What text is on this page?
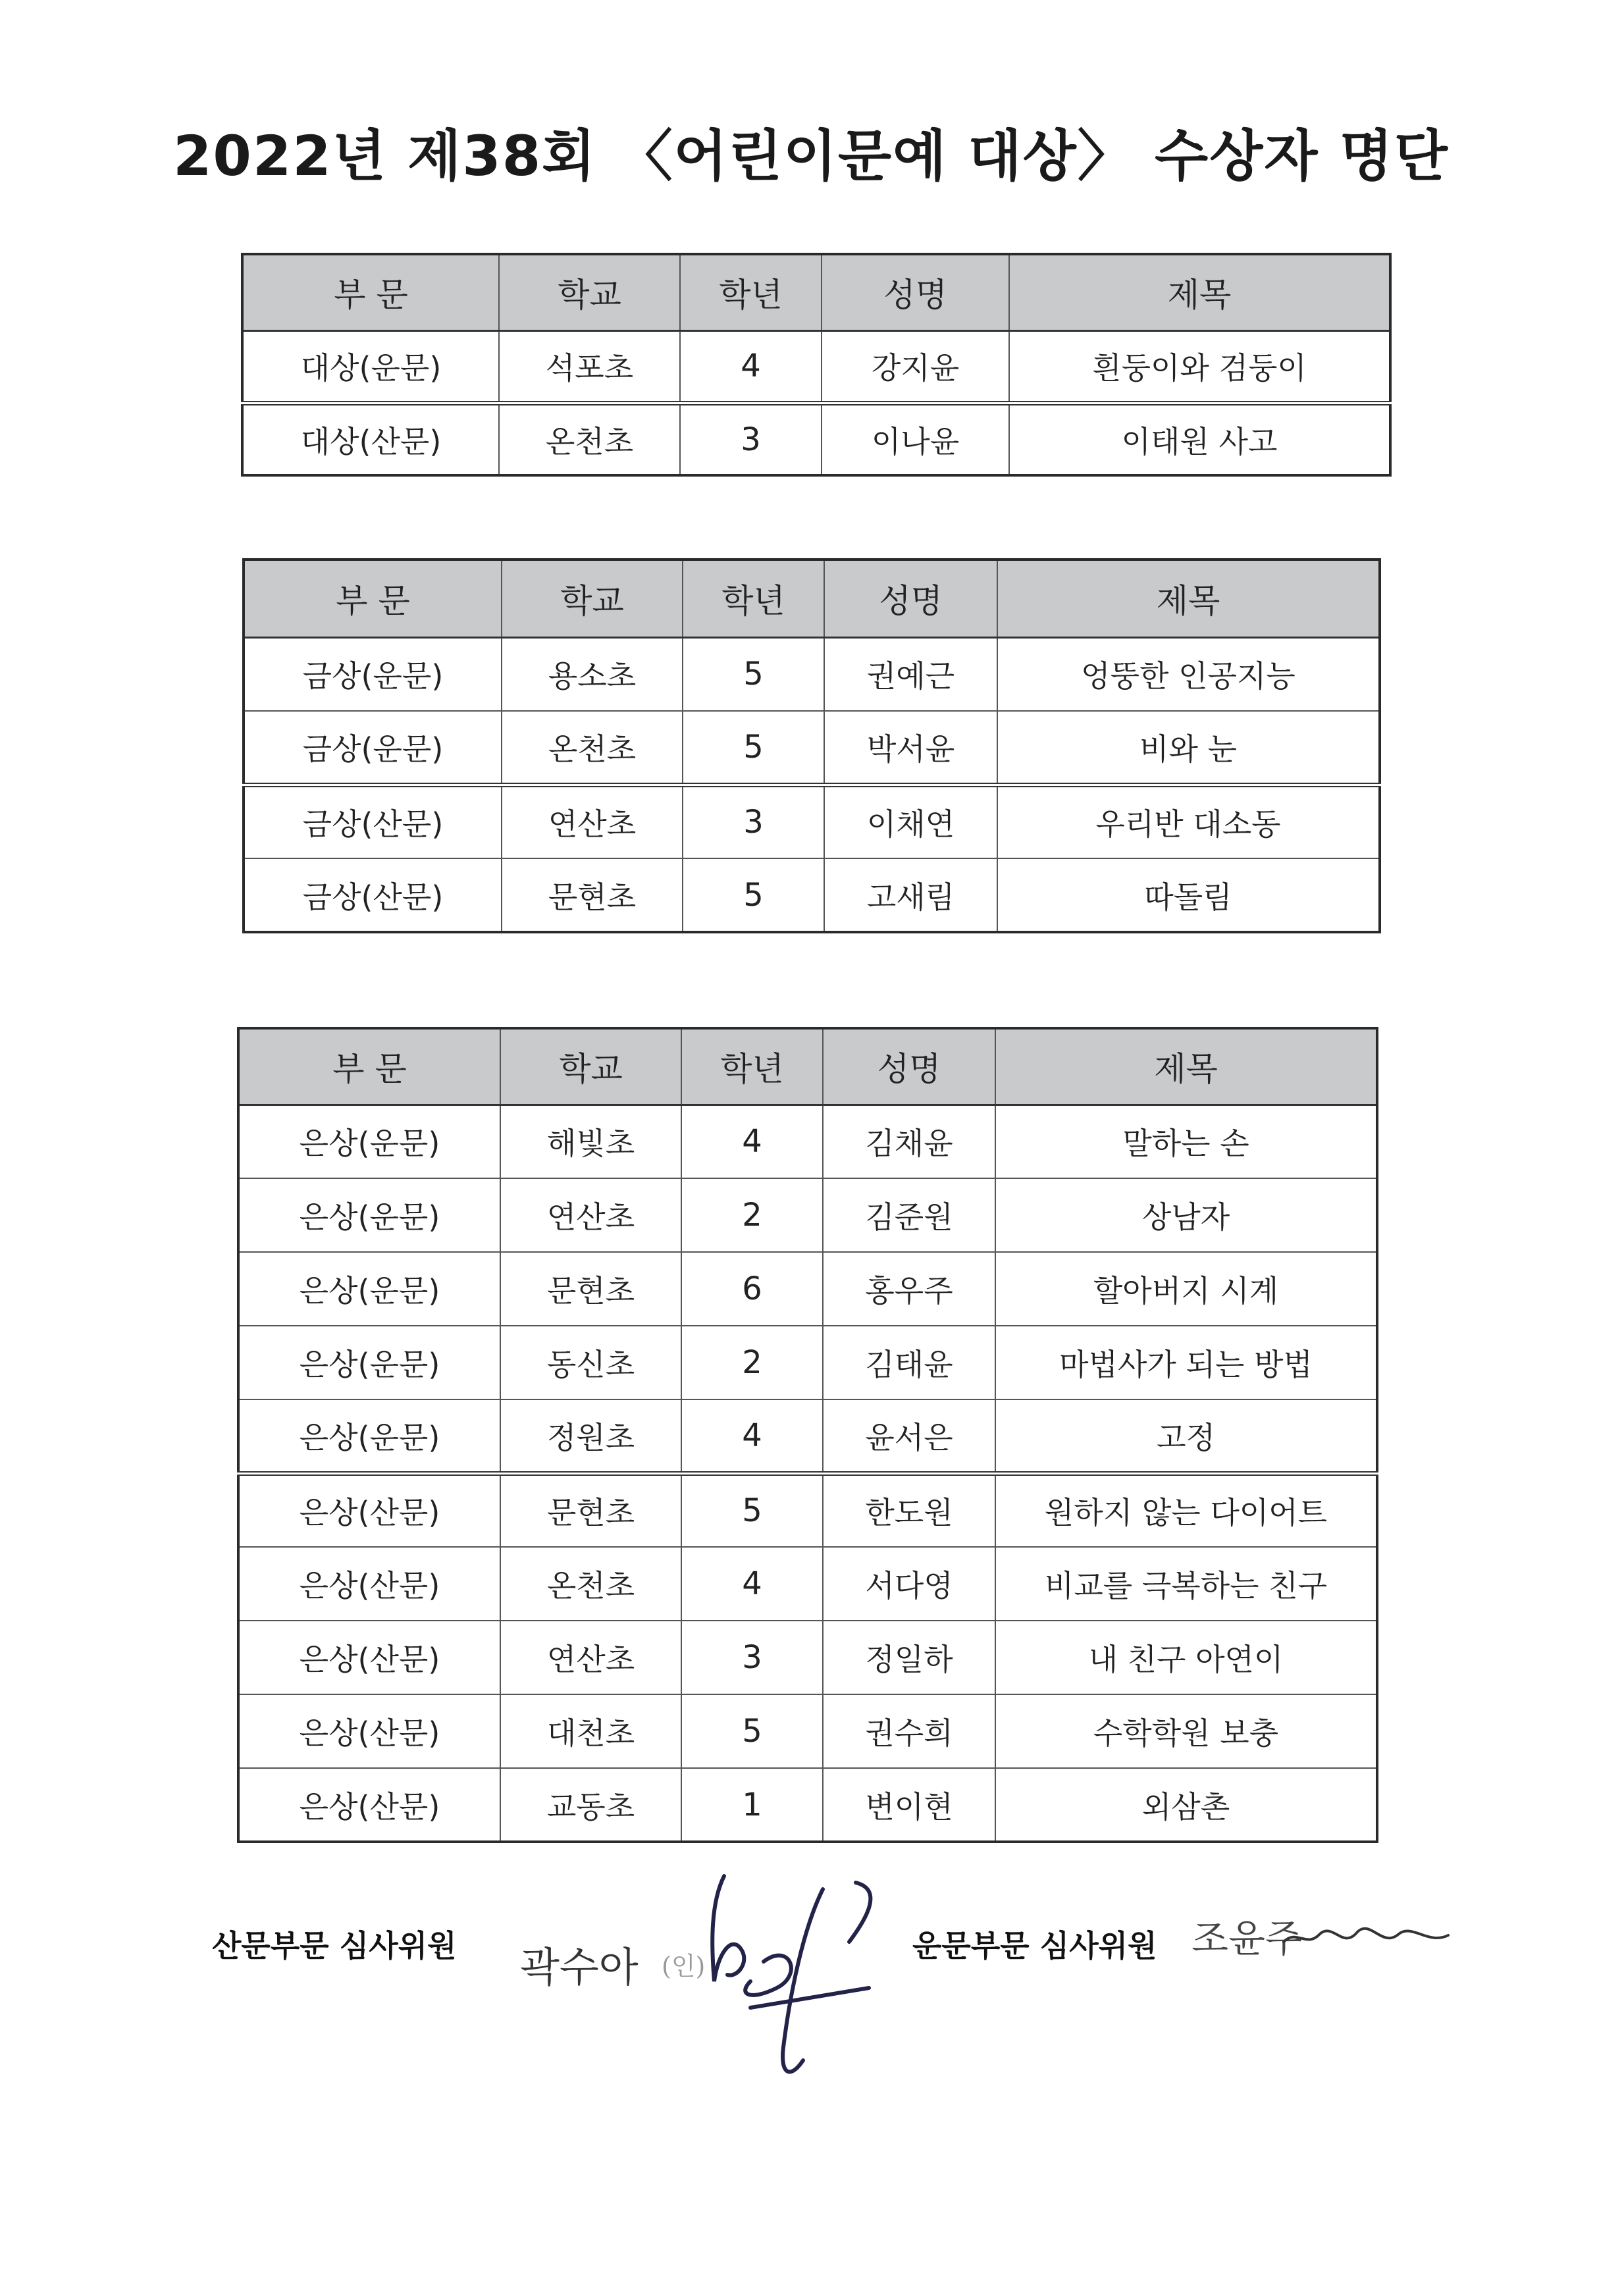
2022년 제38회 〈어린이문예 대상〉 수상자 명단
부 문	학교	학년	성명	제목
대상(운문)	석포초	4	강지윤	흰둥이와 검둥이
대상(산문)	온천초	3	이나윤	이태원 사고
부 문	학교	학년	성명	제목
금상(운문)	용소초	5	권예근	엉뚱한 인공지능
금상(운문)	온천초	5	박서윤	비와 눈
금상(산문)	연산초	3	이채연	우리반 대소동
금상(산문)	문현초	5	고새림	따돌림
부 문	학교	학년	성명	제목
은상(운문)	해빛초	4	김채윤	말하는 손
은상(운문)	연산초	2	김준원	상남자
은상(운문)	문현초	6	홍우주	할아버지 시계
은상(운문)	동신초	2	김태윤	마법사가 되는 방법
은상(운문)	정원초	4	윤서은	고정
은상(산문)	문현초	5	한도원	원하지 않는 다이어트
은상(산문)	온천초	4	서다영	비교를 극복하는 친구
은상(산문)	연산초	3	정일하	내 친구 아연이
은상(산문)	대천초	5	권수희	수학학원 보충
은상(산문)	교동초	1	변이현	외삼촌
산문부문 심사위원 곽수아 (인)
운문부문 심사위원 조윤주
